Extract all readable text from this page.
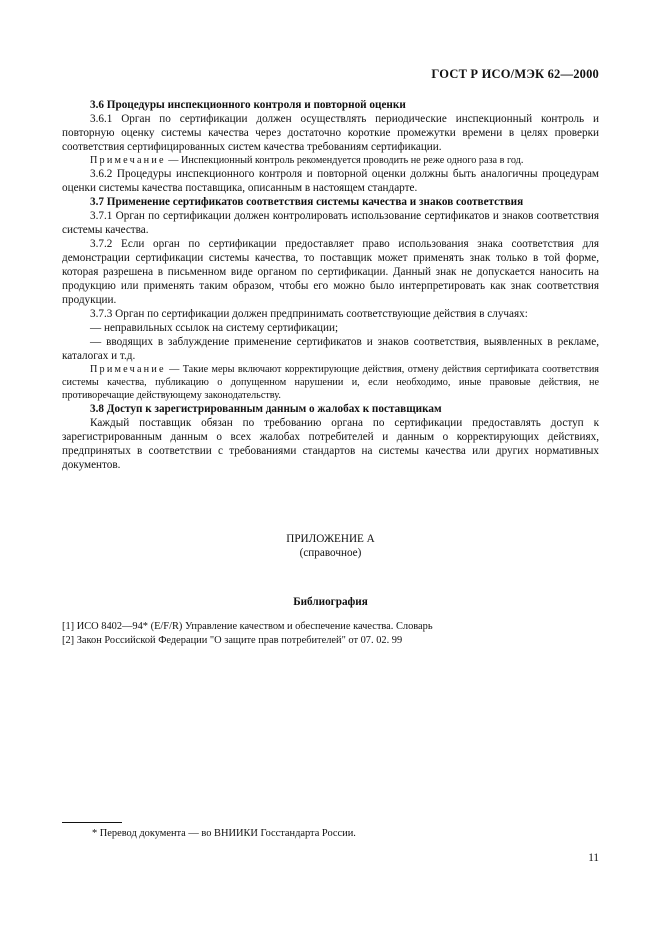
ГОСТ Р ИСО/МЭК 62—2000

3.6 Процедуры инспекционного контроля и повторной оценки

3.6.1 Орган по сертификации должен осуществлять периодические инспекционный контроль и повторную оценку системы качества через достаточно короткие промежутки времени в целях проверки соответствия сертифицированных систем качества требованиям сертификации.

Примечание — Инспекционный контроль рекомендуется проводить не реже одного раза в год.

3.6.2 Процедуры инспекционного контроля и повторной оценки должны быть аналогичны процедурам оценки системы качества поставщика, описанным в настоящем стандарте.

3.7 Применение сертификатов соответствия системы качества и знаков соответствия

3.7.1 Орган по сертификации должен контролировать использование сертификатов и знаков соответствия системы качества.

3.7.2 Если орган по сертификации предоставляет право использования знака соответствия для демонстрации сертификации системы качества, то поставщик может применять знак только в той форме, которая разрешена в письменном виде органом по сертификации. Данный знак не допускается наносить на продукцию или применять таким образом, чтобы его можно было интерпретировать как знак соответствия продукции.

3.7.3 Орган по сертификации должен предпринимать соответствующие действия в случаях:

— неправильных ссылок на систему сертификации;

— вводящих в заблуждение применение сертификатов и знаков соответствия, выявленных в рекламе, каталогах и т.д.

Примечание — Такие меры включают корректирующие действия, отмену действия сертификата соответствия системы качества, публикацию о допущенном нарушении и, если необходимо, иные правовые действия, не противоречащие действующему законодательству.

3.8 Доступ к зарегистрированным данным о жалобах к поставщикам

Каждый поставщик обязан по требованию органа по сертификации предоставлять доступ к зарегистрированным данным о всех жалобах потребителей и данным о корректирующих действиях, предпринятых в соответствии с требованиями стандартов на системы качества или других нормативных документов.

ПРИЛОЖЕНИЕ А
(справочное)
Библиография
[1] ИСО 8402—94* (E/F/R) Управление качеством и обеспечение качества. Словарь
[2] Закон Российской Федерации "О защите прав потребителей" от 07. 02. 99
* Перевод документа — во ВНИИКИ Госстандарта России.
11
